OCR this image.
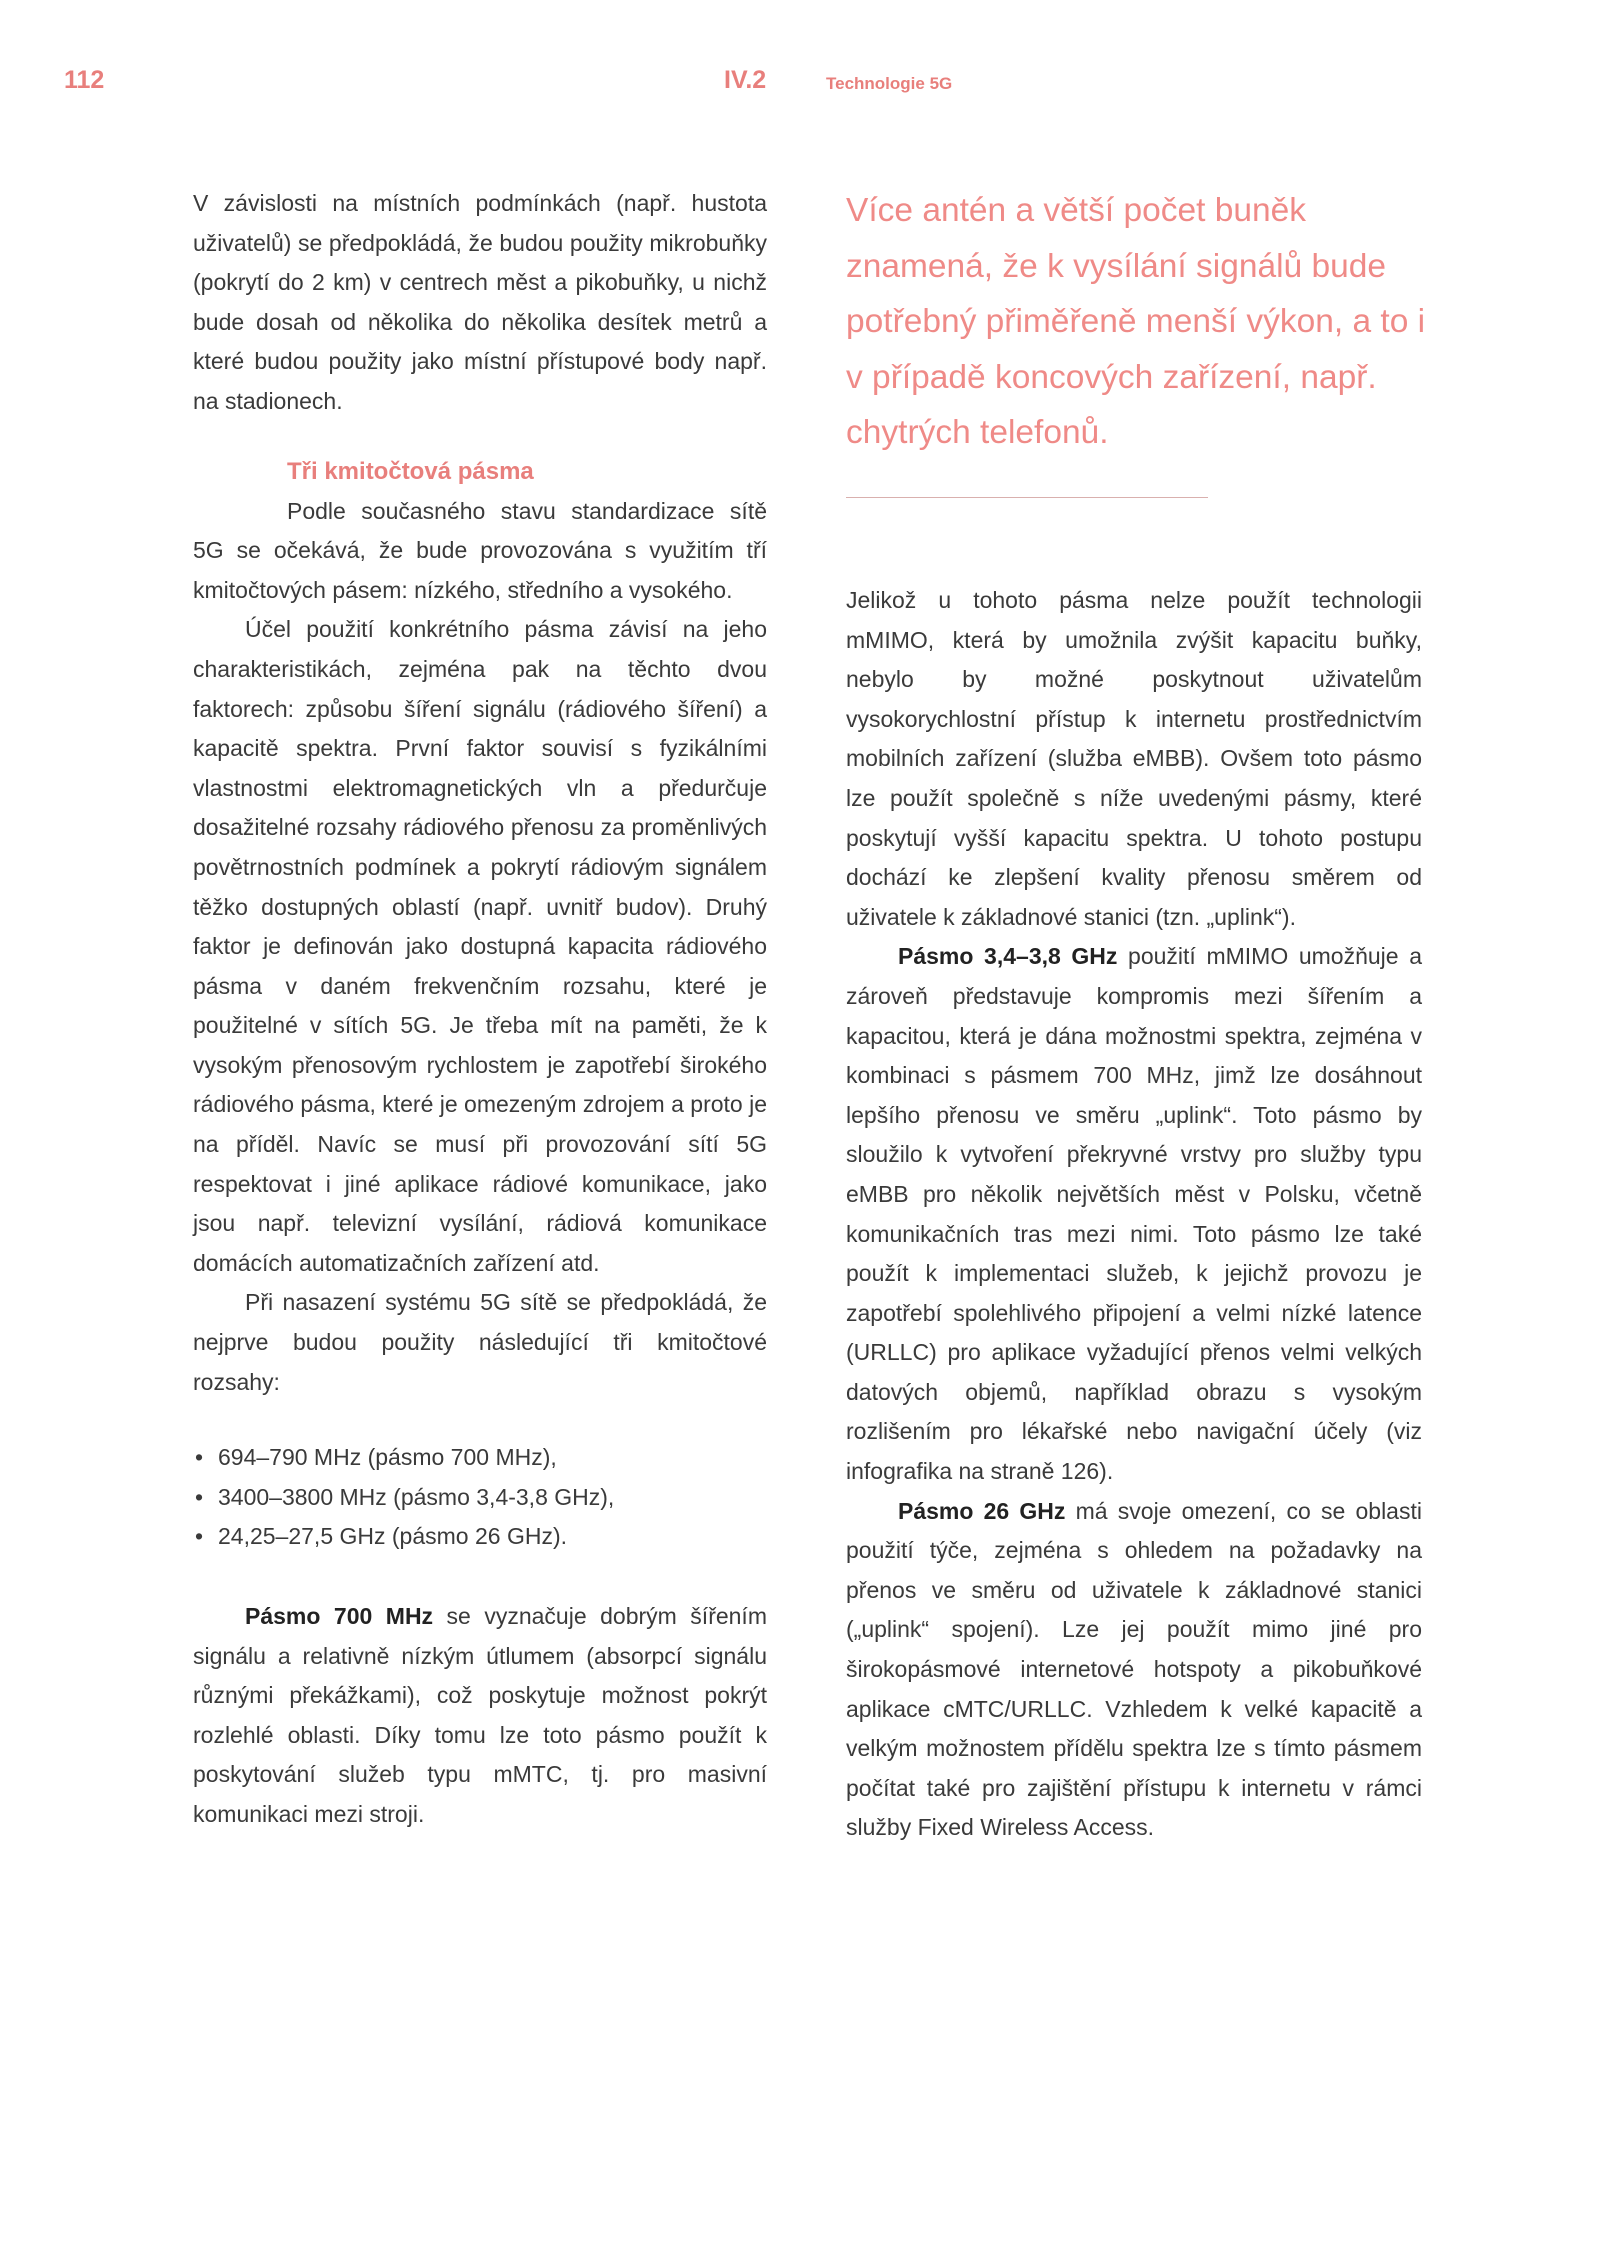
112	IV.2	Technologie 5G

V závislosti na místních podmínkách (např. hustota uživatelů) se předpokládá, že budou použity mikrobuňky (pokrytí do 2 km) v centrech měst a pikobuňky, u nichž bude dosah od několika do několika desítek metrů a které budou použity jako místní přístupové body např. na stadionech.

Tři kmitočtová pásma

Podle současného stavu standardizace sítě 5G se očekává, že bude provozována s využitím tří kmitočtových pásem: nízkého, středního a vysokého.

Účel použití konkrétního pásma závisí na jeho charakteristikách, zejména pak na těchto dvou faktorech: způsobu šíření signálu (rádiového šíření) a kapacitě spektra. První faktor souvisí s fyzikálními vlastnostmi elektromagnetických vln a předurčuje dosažitelné rozsahy rádiového přenosu za proměnlivých povětrnostních podmínek a pokrytí rádiovým signálem těžko dostupných oblastí (např. uvnitř budov). Druhý faktor je definován jako dostupná kapacita rádiového pásma v daném frekvenčním rozsahu, které je použitelné v sítích 5G. Je třeba mít na paměti, že k vysokým přenosovým rychlostem je zapotřebí širokého rádiového pásma, které je omezeným zdrojem a proto je na příděl. Navíc se musí při provozování sítí 5G respektovat i jiné aplikace rádiové komunikace, jako jsou např. televizní vysílání, rádiová komunikace domácích automatizačních zařízení atd.

Při nasazení systému 5G sítě se předpokládá, že nejprve budou použity následující tři kmitočtové rozsahy:

• 694–790 MHz (pásmo 700 MHz),
• 3400–3800 MHz (pásmo 3,4-3,8 GHz),
• 24,25–27,5 GHz (pásmo 26 GHz).

Pásmo 700 MHz se vyznačuje dobrým šířením signálu a relativně nízkým útlumem (absorpcí signálu různými překážkami), což poskytuje možnost pokrýt rozlehlé oblasti. Díky tomu lze toto pásmo použít k poskytování služeb typu mMTC, tj. pro masivní komunikaci mezi stroji.

Více antén a větší počet buněk znamená, že k vysílání signálů bude potřebný přiměřeně menší výkon, a to i v případě koncových zařízení, např. chytrých telefonů.

Jelikož u tohoto pásma nelze použít technologii mMIMO, která by umožnila zvýšit kapacitu buňky, nebylo by možné poskytnout uživatelům vysokorychlostní přístup k internetu prostřednictvím mobilních zařízení (služba eMBB). Ovšem toto pásmo lze použít společně s níže uvedenými pásmy, které poskytují vyšší kapacitu spektra. U tohoto postupu dochází ke zlepšení kvality přenosu směrem od uživatele k základnové stanici (tzn. „uplink“).

Pásmo 3,4–3,8 GHz použití mMIMO umožňuje a zároveň představuje kompromis mezi šířením a kapacitou, která je dána možnostmi spektra, zejména v kombinaci s pásmem 700 MHz, jimž lze dosáhnout lepšího přenosu ve směru „uplink“. Toto pásmo by sloužilo k vytvoření překryvné vrstvy pro služby typu eMBB pro několik největších měst v Polsku, včetně komunikačních tras mezi nimi. Toto pásmo lze také použít k implementaci služeb, k jejichž provozu je zapotřebí spolehlivého připojení a velmi nízké latence (URLLC) pro aplikace vyžadující přenos velmi velkých datových objemů, například obrazu s vysokým rozlišením pro lékařské nebo navigační účely (viz infografika na straně 126).

Pásmo 26 GHz má svoje omezení, co se oblasti použití týče, zejména s ohledem na požadavky na přenos ve směru od uživatele k základnové stanici („uplink“ spojení). Lze jej použít mimo jiné pro širokopásmové internetové hotspoty a pikobuňkové aplikace cMTC/URLLC. Vzhledem k velké kapacitě a velkým možnostem přídělu spektra lze s tímto pásmem počítat také pro zajištění přístupu k internetu v rámci služby Fixed Wireless Access.
